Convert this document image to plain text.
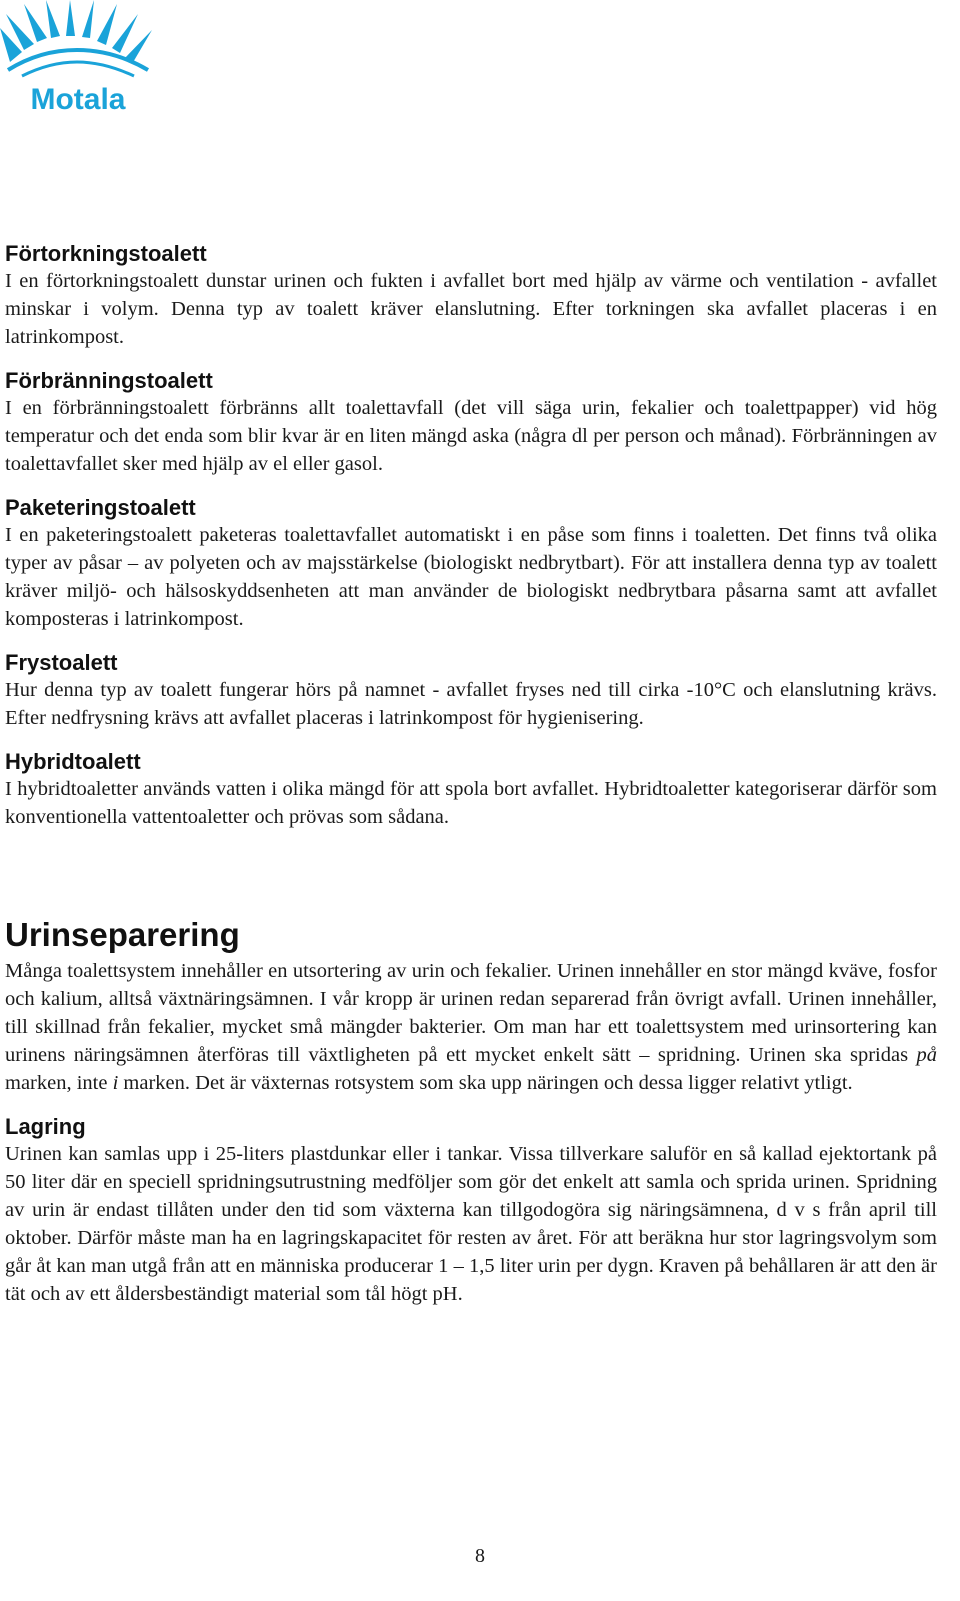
Motala
Förtorkningstoalett

I en förtorkningstoalett dunstar urinen och fukten i avfallet bort med hjälp av värme och ventilation - avfallet minskar i volym. Denna typ av toalett kräver elanslutning. Efter torkningen ska avfallet placeras i en latrinkompost.

Förbränningstoalett

I en förbränningstoalett förbränns allt toalettavfall (det vill säga urin, fekalier och toalettpapper) vid hög temperatur och det enda som blir kvar är en liten mängd aska (några dl per person och månad). Förbränningen av toalettavfallet sker med hjälp av el eller gasol.

Paketeringstoalett

I en paketeringstoalett paketeras toalettavfallet automatiskt i en påse som finns i toaletten. Det finns två olika typer av påsar – av polyeten och av majsstärkelse (biologiskt nedbrytbart). För att installera denna typ av toalett kräver miljö- och hälsoskyddsenheten att man använder de biologiskt nedbrytbara påsarna samt att avfallet komposteras i latrinkompost.

Frystoalett

Hur denna typ av toalett fungerar hörs på namnet - avfallet fryses ned till cirka -10°C och elanslutning krävs. Efter nedfrysning krävs att avfallet placeras i latrinkompost för hygienisering.

Hybridtoalett

I hybridtoaletter används vatten i olika mängd för att spola bort avfallet. Hybridtoaletter kategoriserar därför som konventionella vattentoaletter och prövas som sådana.

Urinseparering

Många toalettsystem innehåller en utsortering av urin och fekalier. Urinen innehåller en stor mängd kväve, fosfor och kalium, alltså växtnäringsämnen. I vår kropp är urinen redan separerad från övrigt avfall. Urinen innehåller, till skillnad från fekalier, mycket små mängder bakterier. Om man har ett toalettsystem med urinsortering kan urinens näringsämnen återföras till växtligheten på ett mycket enkelt sätt – spridning. Urinen ska spridas på marken, inte i marken. Det är växternas rotsystem som ska upp näringen och dessa ligger relativt ytligt.

Lagring

Urinen kan samlas upp i 25-liters plastdunkar eller i tankar. Vissa tillverkare saluför en så kallad ejektortank på 50 liter där en speciell spridningsutrustning medföljer som gör det enkelt att samla och sprida urinen. Spridning av urin är endast tillåten under den tid som växterna kan tillgodogöra sig näringsämnena, d v s från april till oktober. Därför måste man ha en lagringskapacitet för resten av året. För att beräkna hur stor lagringsvolym som går åt kan man utgå från att en människa producerar 1 – 1,5 liter urin per dygn. Kraven på behållaren är att den är tät och av ett åldersbeständigt material som tål högt pH.

8
